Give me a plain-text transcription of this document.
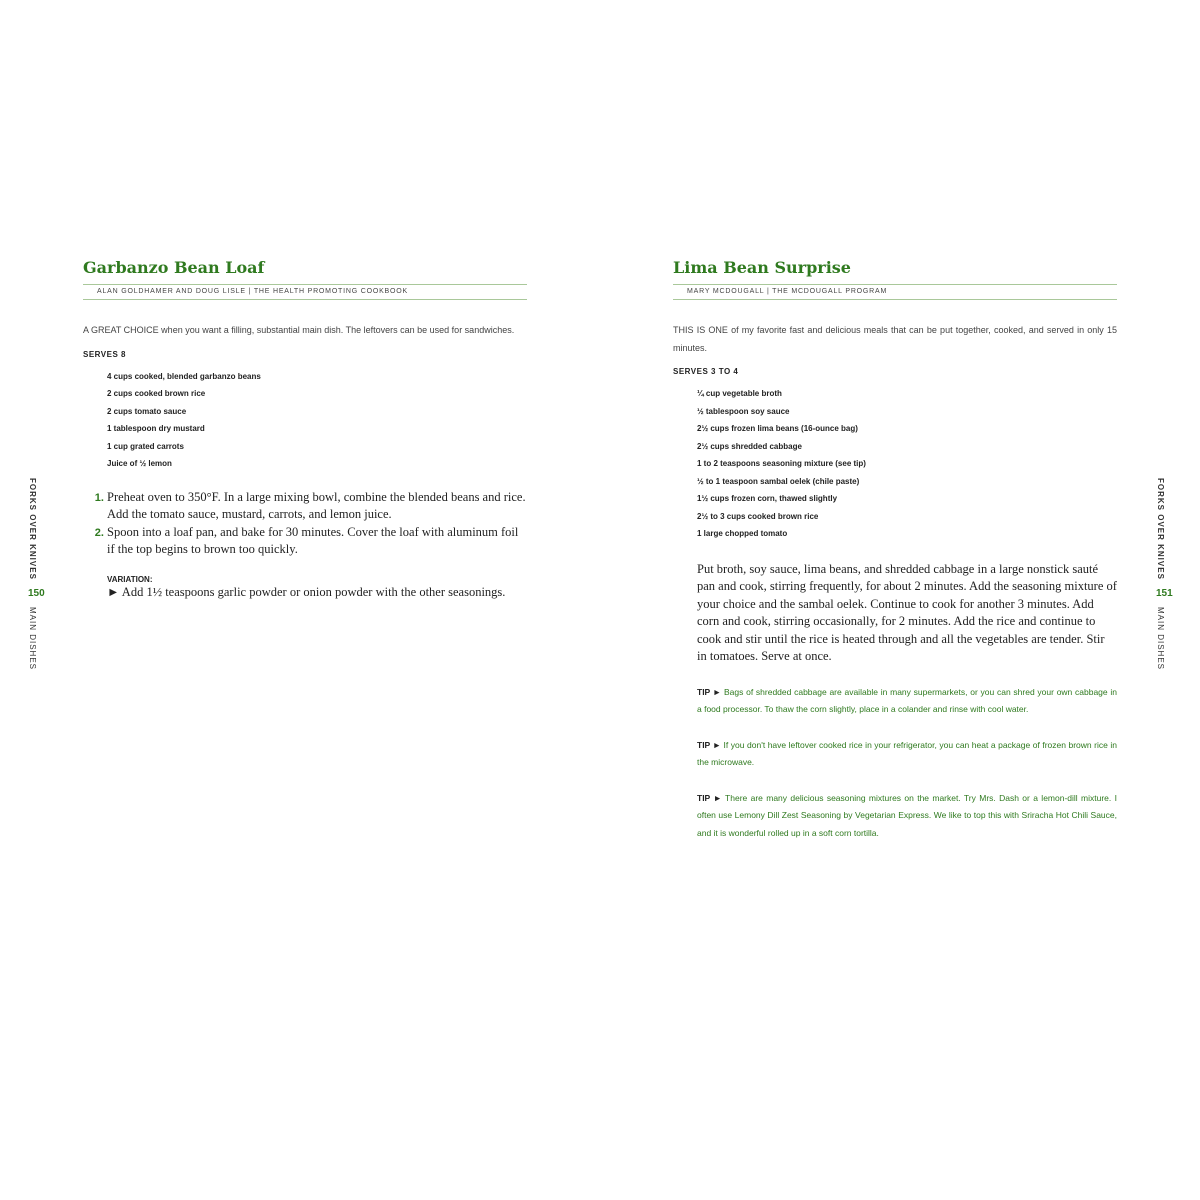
Garbanzo Bean Loaf
ALAN GOLDHAMER AND DOUG LISLE | THE HEALTH PROMOTING COOKBOOK

A GREAT CHOICE when you want a filling, substantial main dish. The leftovers can be used for sandwiches.

SERVES 8

4 cups cooked, blended garbanzo beans
2 cups cooked brown rice
2 cups tomato sauce
1 tablespoon dry mustard
1 cup grated carrots
Juice of ½ lemon
1. Preheat oven to 350°F. In a large mixing bowl, combine the blended beans and rice. Add the tomato sauce, mustard, carrots, and lemon juice.
2. Spoon into a loaf pan, and bake for 30 minutes. Cover the loaf with aluminum foil if the top begins to brown too quickly.
VARIATION:

► Add 1½ teaspoons garlic powder or onion powder with the other seasonings.

FORKS OVER KNIVES
150
MAIN DISHES
Lima Bean Surprise
MARY MCDOUGALL | THE MCDOUGALL PROGRAM

THIS IS ONE of my favorite fast and delicious meals that can be put together, cooked, and served in only 15 minutes.

SERVES 3 TO 4

¼ cup vegetable broth
½ tablespoon soy sauce
2½ cups frozen lima beans (16-ounce bag)
2½ cups shredded cabbage
1 to 2 teaspoons seasoning mixture (see tip)
½ to 1 teaspoon sambal oelek (chile paste)
1½ cups frozen corn, thawed slightly
2½ to 3 cups cooked brown rice
1 large chopped tomato

Put broth, soy sauce, lima beans, and shredded cabbage in a large nonstick sauté pan and cook, stirring frequently, for about 2 minutes. Add the seasoning mixture of your choice and the sambal oelek. Continue to cook for another 3 minutes. Add corn and cook, stirring occasionally, for 2 minutes. Add the rice and continue to cook and stir until the rice is heated through and all the vegetables are tender. Stir in tomatoes. Serve at once.

TIP ► Bags of shredded cabbage are available in many supermarkets, or you can shred your own cabbage in a food processor. To thaw the corn slightly, place in a colander and rinse with cool water.

TIP ► If you don't have leftover cooked rice in your refrigerator, you can heat a package of frozen brown rice in the microwave.

TIP ► There are many delicious seasoning mixtures on the market. Try Mrs. Dash or a lemon-dill mixture. I often use Lemony Dill Zest Seasoning by Vegetarian Express. We like to top this with Sriracha Hot Chili Sauce, and it is wonderful rolled up in a soft corn tortilla.

FORKS OVER KNIVES
151
MAIN DISHES
